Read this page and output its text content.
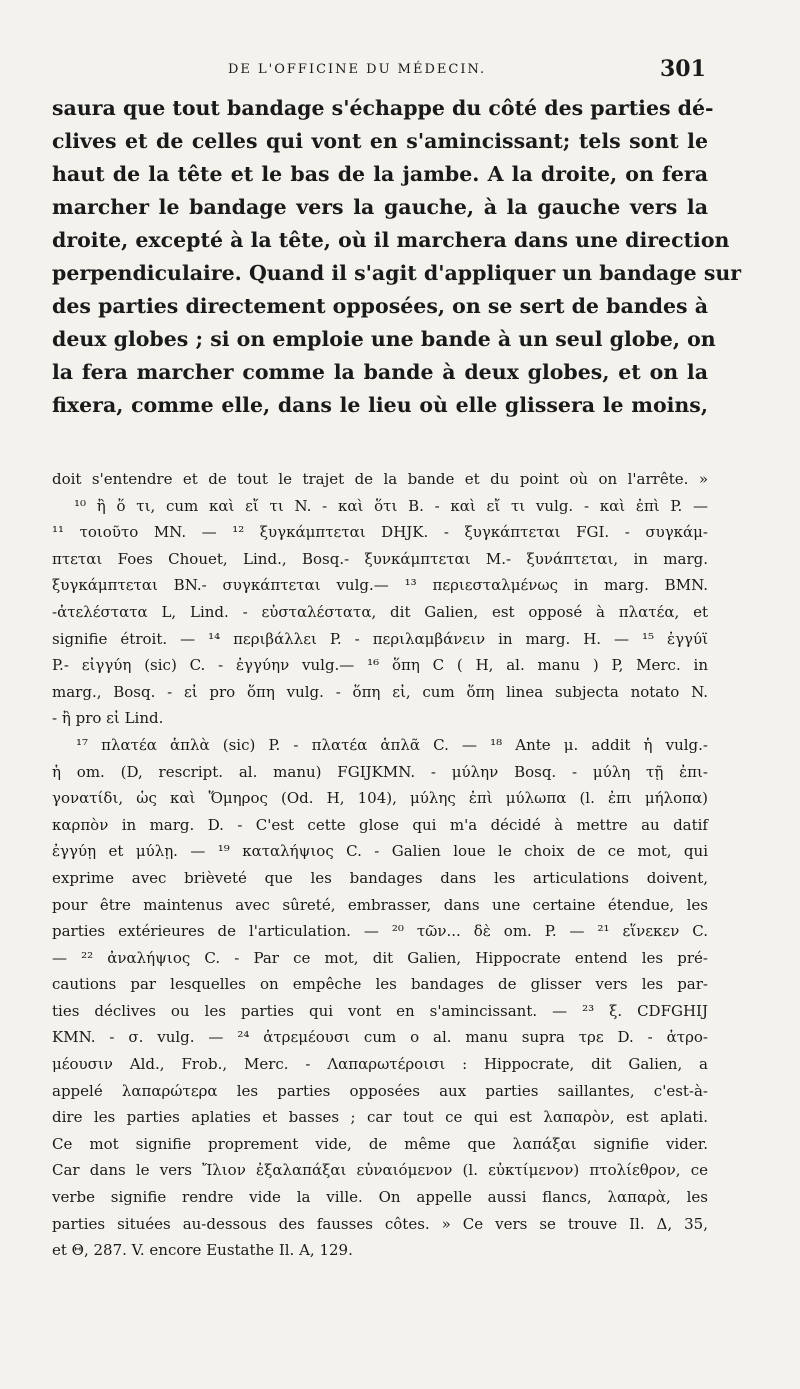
DE L'OFFICINE DU MÉDECIN.	301
saura que tout bandage s'échappe du côté des parties dé-
clives et de celles qui vont en s'amincissant; tels sont le
haut de la tête et le bas de la jambe. A la droite, on fera
marcher le bandage vers la gauche, à la gauche vers la
droite, excepté à la tête, où il marchera dans une direction
perpendiculaire. Quand il s'agit d'appliquer un bandage sur
des parties directement opposées, on se sert de bandes à
deux globes ; si on emploie une bande à un seul globe, on
la fera marcher comme la bande à deux globes, et on la
fixera, comme elle, dans le lieu où elle glissera le moins,
doit s'entendre et de tout le trajet de la bande et du point où on l'arrête. »
¹⁰ ἢ ὅ τι, cum καὶ εἴ τι N. - καὶ ὅτι B. - καὶ εἴ τι vulg. - καὶ ἐπὶ P. —
¹¹ τοιοῦτο MN. — ¹² ξυγκάμπτεται DHJK. - ξυγκάπτεται FGI. - συγκάμ-
πτεται Foes Chouet, Lind., Bosq.- ξυνκάμπτεται M.- ξυνάπτεται, in marg.
ξυγκάμπτεται BN.- συγκάπτεται vulg.— ¹³ περιεσταλμένως in marg. BMN.
-ἀτελέστατα L, Lind. - εὐσταλέστατα, dit Galien, est opposé à πλατέα, et
signifie étroit. — ¹⁴ περιβάλλει P. - περιλαμβάνειν in marg. H. — ¹⁵ ἐγγύϊ
P.- εἰγγύη (sic) C. - ἐγγύην vulg.— ¹⁶ ὅπη C ( H, al. manu ) P, Merc. in
marg., Bosq. - εἰ pro ὅπη vulg. - ὅπη εἰ, cum ὅπη linea subjecta notato N.
- ἢ pro εἰ Lind.
¹⁷ πλατέα ἁπλὰ (sic) P. - πλατέα ἁπλᾶ C. — ¹⁸ Ante μ. addit ἡ vulg.-
ἡ om. (D, rescript. al. manu) FGIJKMN. - μύλην Bosq. - μύλη τῇ ἐπι-
γονατίδι, ὡς καὶ Ὅμηρος (Od. H, 104), μύλης ἐπὶ μύλωπα (l. ἐπι μήλοπα)
καρπὸν in marg. D. - C'est cette glose qui m'a décidé à mettre au datif
ἐγγύῃ et μύλῃ. — ¹⁹ καταλήψιος C. - Galien loue le choix de ce mot, qui
exprime avec brièveté que les bandages dans les articulations doivent,
pour être maintenus avec sûreté, embrasser, dans une certaine étendue, les
parties extérieures de l'articulation. — ²⁰ τῶν... δὲ om. P. — ²¹ εἵνεκεν C.
— ²² ἀναλήψιος C. - Par ce mot, dit Galien, Hippocrate entend les pré-
cautions par lesquelles on empêche les bandages de glisser vers les par-
ties déclives ou les parties qui vont en s'amincissant. — ²³ ξ. CDFGHIJ
KMN. - σ. vulg. — ²⁴ ἀτρεμέουσι cum ο al. manu supra τρε D. - ἀτρο-
μέουσιν Ald., Frob., Merc. - Λαπαρωτέροισι : Hippocrate, dit Galien, a
appelé λαπαρώτερα les parties opposées aux parties saillantes, c'est-à-
dire les parties aplaties et basses ; car tout ce qui est λαπαρὸν, est aplati.
Ce mot signifie proprement vide, de même que λαπάξαι signifie vider.
Car dans le vers Ἴλιον ἐξαλαπάξαι εὐναιόμενον (l. εὐκτίμενον) πτολίεθρον, ce
verbe signifie rendre vide la ville. On appelle aussi flancs, λαπαρὰ, les
parties situées au-dessous des fausses côtes. » Ce vers se trouve Il. Δ, 35,
et Θ, 287. V. encore Eustathe Il. A, 129.
